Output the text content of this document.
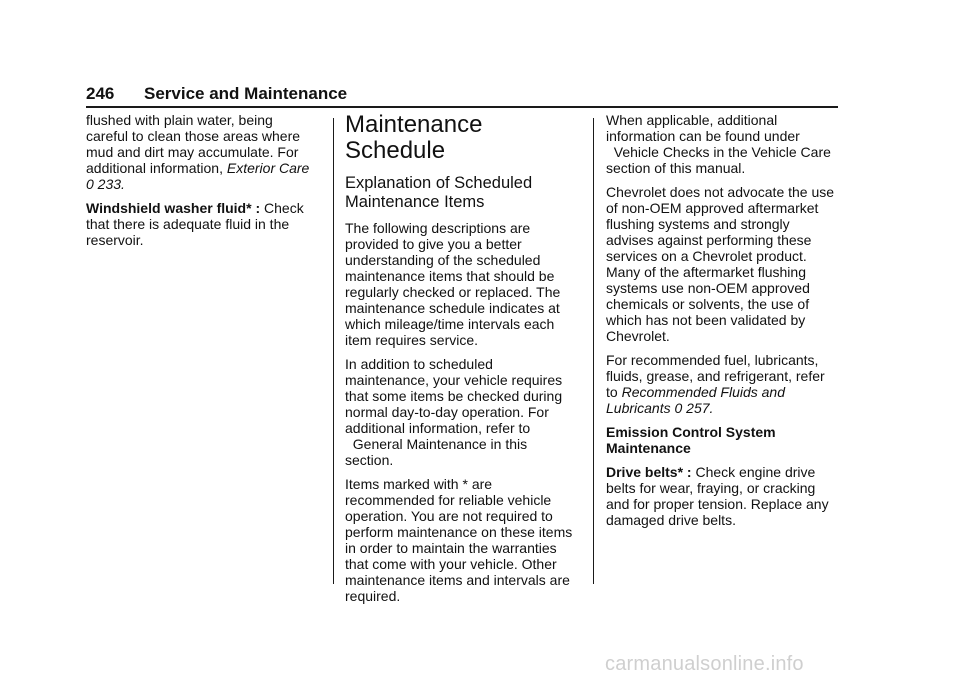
246 Service and Maintenance

flushed with plain water, being careful to clean those areas where mud and dirt may accumulate. For additional information, Exterior Care
0 233.

Windshield washer fluid* : Check that there is adequate fluid in the reservoir.

Maintenance
Schedule
Explanation of Scheduled
Maintenance Items

The following descriptions are provided to give you a better understanding of the scheduled maintenance items that should be regularly checked or replaced. The maintenance schedule indicates at which mileage/time intervals each item requires service.

In addition to scheduled maintenance, your vehicle requires that some items be checked during normal day-to-day operation. For additional information, refer to
General Maintenance in this section.

Items marked with * are recommended for reliable vehicle operation. You are not required to perform maintenance on these items in order to maintain the warranties that come with your vehicle. Other maintenance items and intervals are required.

When applicable, additional information can be found under
Vehicle Checks in the Vehicle Care section of this manual.

Chevrolet does not advocate the use of non-OEM approved aftermarket flushing systems and strongly advises against performing these services on a Chevrolet product. Many of the aftermarket flushing systems use non-OEM approved chemicals or solvents, the use of which has not been validated by Chevrolet.

For recommended fuel, lubricants, fluids, grease, and refrigerant, refer to Recommended Fluids and Lubricants 0 257.

Emission Control System
Maintenance

Drive belts* : Check engine drive belts for wear, fraying, or cracking and for proper tension. Replace any damaged drive belts.

carmanualsonline.info
